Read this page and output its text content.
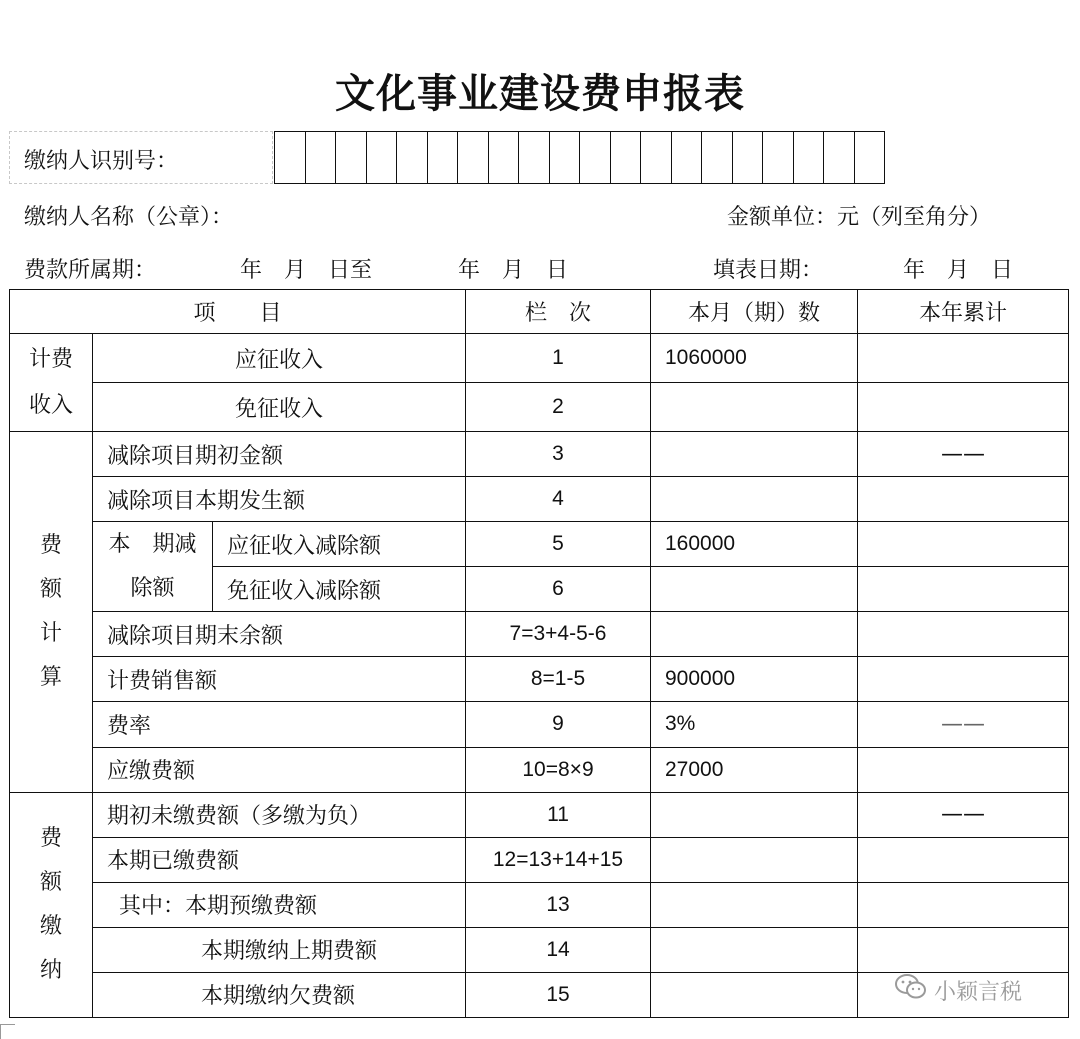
文化事业建设费申报表
缴纳人识别号：
缴纳人名称（公章）：	金额单位：元（列至角分）
费款所属期：	年　月　日至	年　月　日	填表日期：	年　月　日
项　　目			栏　次	本月（期）数	本年累计

计费收入	应征收入		1	1060000	
	免征收入		2		

费额计算	减除项目期初金额		3		——
	减除项目本期发生额		4		

	本　期减除额	应征收入减除额	5	160000	
		免征收入减除额	6		
	减除项目期末余额		7=3+4-5-6		
	计费销售额		8=1-5	900000	
	费率		9	3%	——
	应缴费额		10=8×9	27000	

费额缴纳	期初未缴费额（多缴为负）		11		——
	本期已缴费额		12=13+14+15		
	其中：本期预缴费额		13		
	本期缴纳上期费额		14		
	本期缴纳欠费额		15			小颖言税
